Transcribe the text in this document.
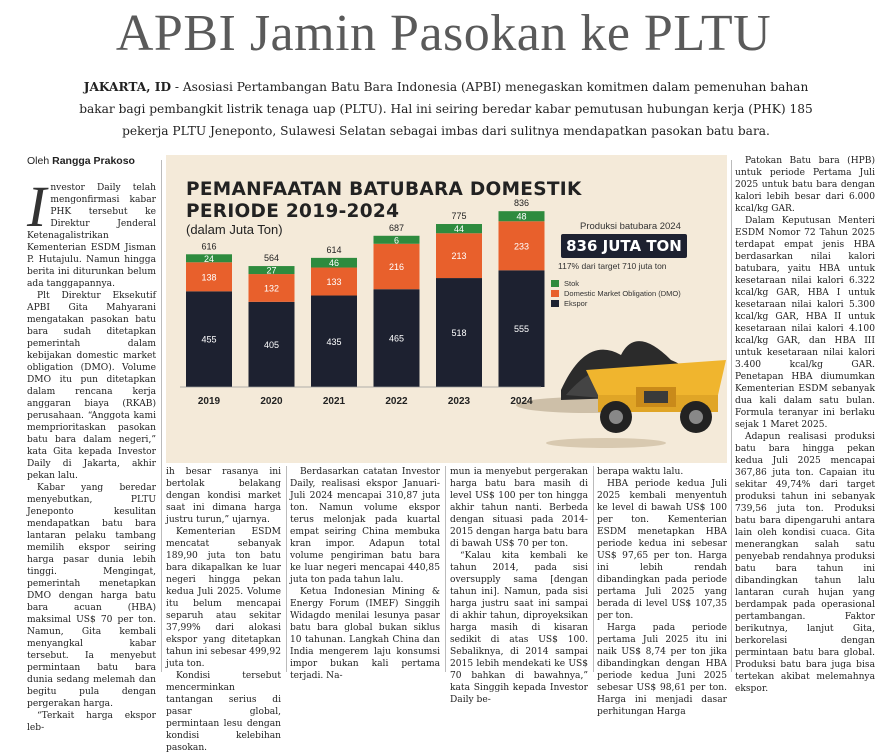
APBI Jamin Pasokan ke PLTU
JAKARTA, ID - Asosiasi Pertambangan Batu Bara Indonesia (APBI) menegaskan komitmen dalam pemenuhan bahan bakar bagi pembangkit listrik tenaga uap (PLTU). Hal ini seiring beredar kabar pemutusan hubungan kerja (PHK) 185 pekerja PLTU Jeneponto, Sulawesi Selatan sebagai imbas dari sulitnya mendapatkan pasokan batu bara.
Oleh Rangga Prakoso
I nvestor Daily telah mengonfirmasi kabar PHK tersebut ke Direktur Jenderal Ketenagalistrikan Kementerian ESDM Jisman P. Hutajulu. Namun hingga berita ini diturunkan belum ada tanggapannya.

Plt Direktur Eksekutif APBI Gita Mahyarani mengatakan pasokan batu bara sudah ditetapkan pemerintah dalam kebijakan domestic market obligation (DMO). Volume DMO itu pun ditetapkan dalam rencana kerja anggaran biaya (RKAB) perusahaan. “Anggota kami memprioritaskan pasokan batu bara dalam negeri,” kata Gita kepada Investor Daily di Jakarta, akhir pekan lalu.

Kabar yang beredar menyebutkan, PLTU Jeneponto kesulitan mendapatkan batu bara lantaran pelaku tambang memilih ekspor seiring harga pasar dunia lebih tinggi. Mengingat, pemerintah menetapkan DMO dengan harga batu bara acuan (HBA) maksimal US$ 70 per ton. Namun, Gita kembali menyangkal kabar tersebut. Ia menyebut permintaan batu bara dunia sedang melemah dan begitu pula dengan pergerakan harga.

“Terkait harga ekspor leb-

PEMANFAATAN BATUBARA DOMESTIK
PERIODE 2019-2024
(dalam Juta Ton)	Produksi batubara 2024
836 JUTA TON
117% dari target 710 juta ton
Stok
Domestic Market Obligation (DMO)
Ekspor
455
138
24
616
2019
405
132
27
564
2020
435
133
46
614
2021
465
216
6
687
2022
518
213
44
775
2023
555
233
48
836
2024

ih besar rasanya ini bertolak belakang dengan kondisi market saat ini dimana harga justru turun,” ujarnya.

Kementerian ESDM mencatat sebanyak 189,90 juta ton batu bara dikapalkan ke luar negeri hingga pekan kedua Juli 2025. Volume itu belum mencapai separuh atau sekitar 37,99% dari alokasi ekspor yang ditetapkan tahun ini sebesar 499,92 juta ton.

Kondisi tersebut mencerminkan tantangan serius di pasar global, permintaan lesu dengan kondisi kelebihan pasokan.

Berdasarkan catatan Investor Daily, realisasi ekspor Januari-Juli 2024 mencapai 310,87 juta ton. Namun volume ekspor terus melonjak pada kuartal empat seiring China membuka kran impor. Adapun total volume pengiriman batu bara ke luar negeri mencapai 440,85 juta ton pada tahun lalu.

Ketua Indonesian Mining & Energy Forum (IMEF) Singgih Widagdo menilai lesunya pasar batu bara global bukan siklus 10 tahunan. Langkah China dan India mengerem laju konsumsi impor bukan kali pertama terjadi. Na-

mun ia menyebut pergerakan harga batu bara masih di level US$ 100 per ton hingga akhir tahun nanti. Berbeda dengan situasi pada 2014-2015 dengan harga batu bara di bawah US$ 70 per ton.

“Kalau kita kembali ke tahun 2014, pada sisi oversupply sama [dengan tahun ini]. Namun, pada sisi harga justru saat ini sampai di akhir tahun, diproyeksikan harga masih di kisaran sedikit di atas US$ 100. Sebaliknya, di 2014 sampai 2015 lebih mendekati ke US$ 70 bahkan di bawahnya,” kata Singgih kepada Investor Daily be-

berapa waktu lalu.

HBA periode kedua Juli 2025 kembali menyentuh ke level di bawah US$ 100 per ton. Kementerian ESDM menetapkan HBA periode kedua ini sebesar US$ 97,65 per ton. Harga ini lebih rendah dibandingkan pada periode pertama Juli 2025 yang berada di level US$ 107,35 per ton.

Harga pada periode pertama Juli 2025 itu ini naik US$ 8,74 per ton jika dibandingkan dengan HBA periode kedua Juni 2025 sebesar US$ 98,61 per ton. Harga ini menjadi dasar perhitungan Harga

Patokan Batu bara (HPB) untuk periode Pertama Juli 2025 untuk batu bara dengan kalori lebih besar dari 6.000 kcal/kg GAR.

Dalam Keputusan Menteri ESDM Nomor 72 Tahun 2025 terdapat empat jenis HBA berdasarkan nilai kalori batubara, yaitu HBA untuk kesetaraan nilai kalori 6.322 kcal/kg GAR, HBA I untuk kesetaraan nilai kalori 5.300 kcal/kg GAR, HBA II untuk kesetaraan nilai kalori 4.100 kcal/kg GAR, dan HBA III untuk kesetaraan nilai kalori 3.400 kcal/kg GAR. Penetapan HBA diumumkan Kementerian ESDM sebanyak dua kali dalam satu bulan. Formula teranyar ini berlaku sejak 1 Maret 2025.

Adapun realisasi produksi batu bara hingga pekan kedua Juli 2025 mencapai 367,86 juta ton. Capaian itu sekitar 49,74% dari target produksi tahun ini sebanyak 739,56 juta ton. Produksi batu bara dipengaruhi antara lain oleh kondisi cuaca. Gita menerangkan salah satu penyebab rendahnya produksi batu bara tahun ini dibandingkan tahun lalu lantaran curah hujan yang berdampak pada operasional pertambangan. Faktor berikutnya, lanjut Gita, berkorelasi dengan permintaan batu bara global. Produksi batu bara juga bisa tertekan akibat melemahnya ekspor.
